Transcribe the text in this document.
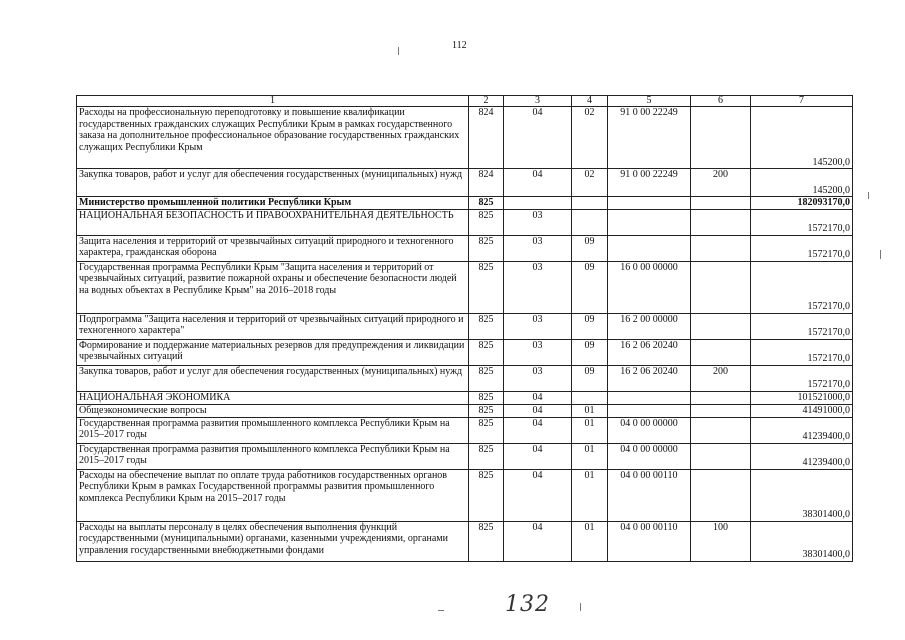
112
1	2	3	4	5	6	7
Расходы на профессиональную переподготовку и повышение квалификации государственных гражданских служащих Республики Крым в рамках государственного заказа на дополнительное профессиональное образование государственных гражданских служащих Республики Крым	824	04	02	91 0 00 22249		145200,0
Закупка товаров, работ и услуг для обеспечения государственных (муниципальных) нужд	824	04	02	91 0 00 22249	200	145200,0
Министерство промышленной политики Республики Крым	825					182093170,0
НАЦИОНАЛЬНАЯ БЕЗОПАСНОСТЬ И ПРАВООХРАНИТЕЛЬНАЯ ДЕЯТЕЛЬНОСТЬ	825	03				1572170,0
Защита населения и территорий от чрезвычайных ситуаций природного и техногенного характера, гражданская оборона	825	03	09			1572170,0
Государственная программа Республики Крым "Защита населения и территорий от чрезвычайных ситуаций, развитие пожарной охраны и обеспечение безопасности людей на водных объектах в Республике Крым" на 2016–2018 годы	825	03	09	16 0 00 00000		1572170,0
Подпрограмма "Защита населения и территорий от чрезвычайных ситуаций природного и техногенного характера"	825	03	09	16 2 00 00000		1572170,0
Формирование и поддержание материальных резервов для предупреждения и ликвидации чрезвычайных ситуаций	825	03	09	16 2 06 20240		1572170,0
Закупка товаров, работ и услуг для обеспечения государственных (муниципальных) нужд	825	03	09	16 2 06 20240	200	1572170,0
НАЦИОНАЛЬНАЯ ЭКОНОМИКА	825	04				101521000,0
Общеэкономические вопросы	825	04	01			41491000,0
Государственная программа развития промышленного комплекса Республики Крым на 2015–2017 годы	825	04	01	04 0 00 00000		41239400,0
Государственная программа развития промышленного комплекса Республики Крым на 2015–2017 годы	825	04	01	04 0 00 00000		41239400,0
Расходы на обеспечение выплат по оплате труда работников государственных органов Республики Крым в рамках Государственной программы развития промышленного комплекса Республики Крым на 2015–2017 годы	825	04	01	04 0 00 00110		38301400,0
Расходы на выплаты персоналу в целях обеспечения выполнения функций государственными (муниципальными) органами, казенными учреждениями, органами управления государственными внебюджетными фондами	825	04	01	04 0 00 00110	100	38301400,0
132
